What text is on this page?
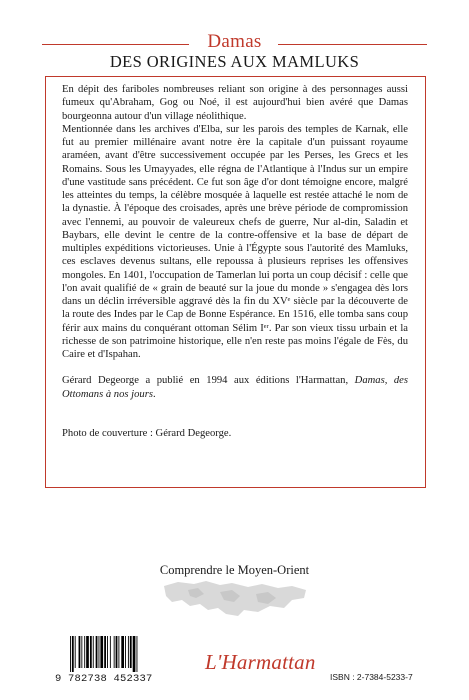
Damas
DES ORIGINES AUX MAMLUKS

En dépit des fariboles nombreuses reliant son origine à des personnages aussi fumeux qu'Abraham, Gog ou Noé, il est aujourd'hui bien avéré que Damas bourgeonna autour d'un village néolithique.

Mentionnée dans les archives d'Elba, sur les parois des temples de Karnak, elle fut au premier millénaire avant notre ère la capitale d'un puissant royaume araméen, avant d'être successivement occupée par les Perses, les Grecs et les Romains. Sous les Umayyades, elle régna de l'Atlantique à l'Indus sur un empire d'une vastitude sans précédent. Ce fut son âge d'or dont témoigne encore, malgré les atteintes du temps, la célèbre mosquée à laquelle est restée attaché le nom de la dynastie. À l'époque des croisades, après une brève période de compromission avec l'ennemi, au pouvoir de valeureux chefs de guerre, Nur al-din, Saladin et Baybars, elle devint le centre de la contre-offensive et la base de départ de multiples expéditions victorieuses. Unie à l'Égypte sous l'autorité des Mamluks, ces esclaves devenus sultans, elle repoussa à plusieurs reprises les offensives mongoles. En 1401, l'occupation de Tamerlan lui porta un coup décisif : celle que l'on avait qualifié de « grain de beauté sur la joue du monde » s'engagea dès lors dans un déclin irréversible aggravé dès la fin du XVᵉ siècle par la découverte de la route des Indes par le Cap de Bonne Espérance. En 1516, elle tomba sans coup férir aux mains du conquérant ottoman Sélim Iᵉʳ. Par son vieux tissu urbain et la richesse de son patrimoine historique, elle n'en reste pas moins l'égale de Fès, du Caire et d'Ispahan.

Gérard Degeorge a publié en 1994 aux éditions l'Harmattan, Damas, des Ottomans à nos jours.

Photo de couverture : Gérard Degeorge.

Comprendre le Moyen-Orient
9 782738 452337
L'Harmattan
ISBN : 2-7384-5233-7
